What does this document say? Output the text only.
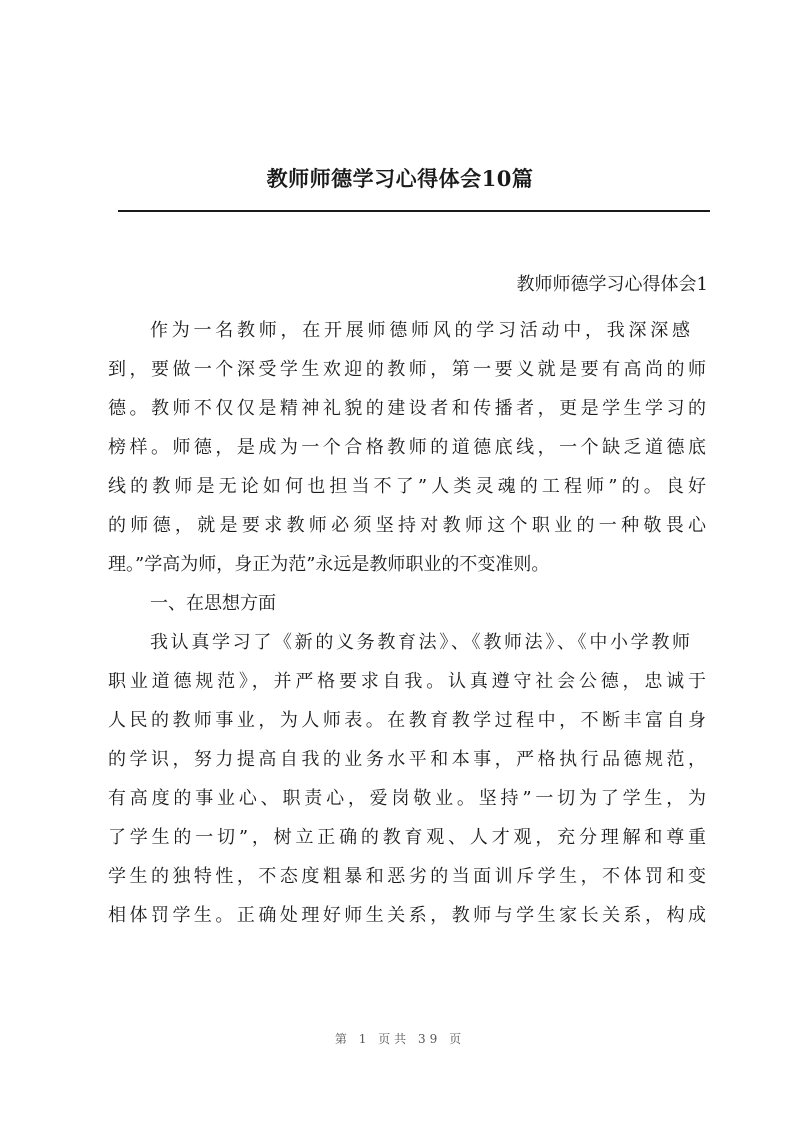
教师师德学习心得体会10篇
教师师德学习心得体会1
作为一名教师，在开展师德师风的学习活动中，我深深感
到，要做一个深受学生欢迎的教师，第一要义就是要有高尚的师
德。教师不仅仅是精神礼貌的建设者和传播者，更是学生学习的
榜样。师德，是成为一个合格教师的道德底线，一个缺乏道德底
线的教师是无论如何也担当不了”人类灵魂的工程师”的。良好
的师德，就是要求教师必须坚持对教师这个职业的一种敬畏心
理。”学高为师，身正为范”永远是教师职业的不变准则。
一、在思想方面
我认真学习了《新的义务教育法》、《教师法》、《中小学教师
职业道德规范》，并严格要求自我。认真遵守社会公德，忠诚于
人民的教师事业，为人师表。在教育教学过程中，不断丰富自身
的学识，努力提高自我的业务水平和本事，严格执行品德规范，
有高度的事业心、职责心，爱岗敬业。坚持”一切为了学生，为
了学生的一切”，树立正确的教育观、人才观，充分理解和尊重
学生的独特性，不态度粗暴和恶劣的当面训斥学生，不体罚和变
相体罚学生。正确处理好师生关系，教师与学生家长关系，构成
第 1 页共 39 页
